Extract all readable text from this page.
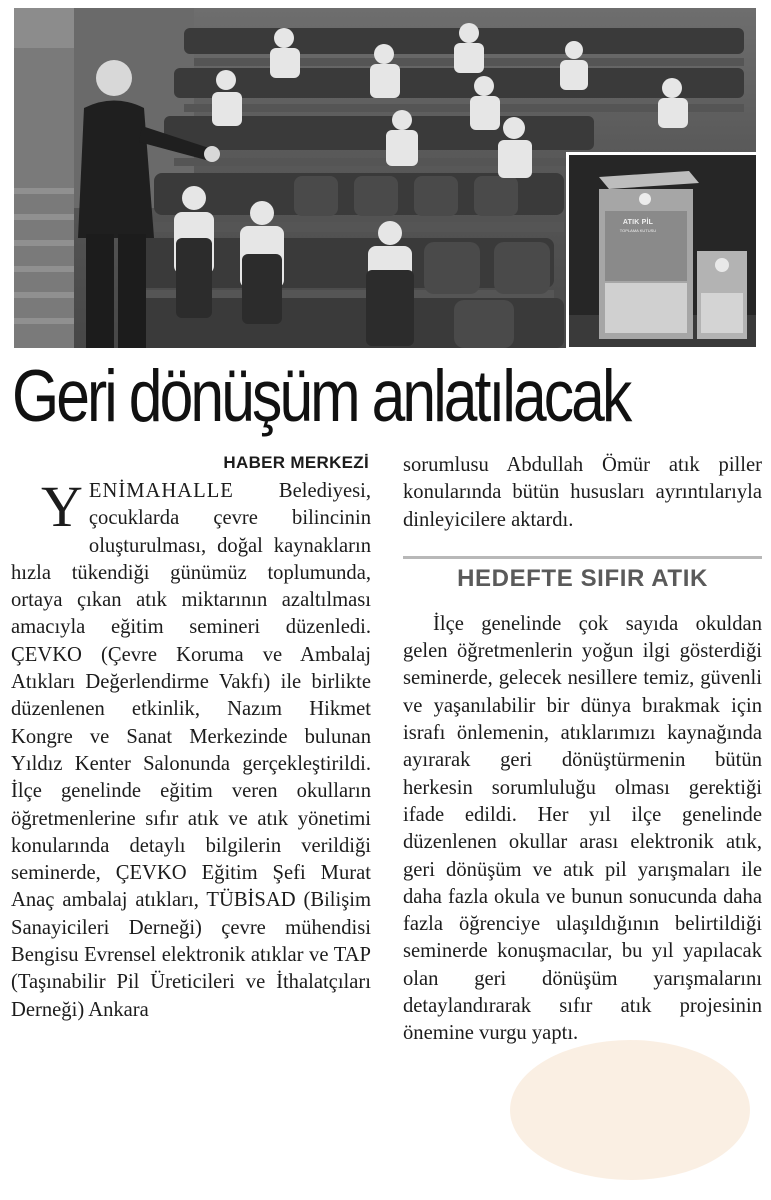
ATIK PİL
TOPLAMA KUTUSU
Geri dönüşüm anlatılacak
HABER MERKEZİ

YENİMAHALLE Belediyesi, çocuklarda çevre bilincinin oluşturulması, doğal kaynakların hızla tükendiği günümüz toplumunda, ortaya çıkan atık miktarının azaltılması amacıyla eğitim semineri düzenledi. ÇEVKO (Çevre Koruma ve Ambalaj Atıkları Değerlendirme Vakfı) ile birlikte düzenlenen etkinlik, Nazım Hikmet Kongre ve Sanat Merkezinde bulunan Yıldız Kenter Salonunda gerçekleştirildi. İlçe genelinde eğitim veren okulların öğretmenlerine sıfır atık ve atık yönetimi konularında detaylı bilgilerin verildiği seminerde, ÇEVKO Eğitim Şefi Murat Anaç ambalaj atıkları, TÜBİSAD (Bilişim Sanayicileri Derneği) çevre mühendisi Bengisu Evrensel elektronik atıklar ve TAP (Taşınabilir Pil Üreticileri ve İthalatçıları Derneği) Ankara

sorumlusu Abdullah Ömür atık piller konularında bütün hususları ayrıntılarıyla dinleyicilere aktardı.

HEDEFTE SIFIR ATIK

İlçe genelinde çok sayıda okuldan gelen öğretmenlerin yoğun ilgi gösterdiği seminerde, gelecek nesillere temiz, güvenli ve yaşanılabilir bir dünya bırakmak için israfı önlemenin, atıklarımızı kaynağında ayırarak geri dönüştürmenin bütün herkesin sorumluluğu olması gerektiği ifade edildi. Her yıl ilçe genelinde düzenlenen okullar arası elektronik atık, geri dönüşüm ve atık pil yarışmaları ile daha fazla okula ve bunun sonucunda daha fazla öğrenciye ulaşıldığının belirtildiği seminerde konuşmacılar, bu yıl yapılacak olan geri dönüşüm yarışmalarını detaylandırarak sıfır atık projesinin önemine vurgu yaptı.
